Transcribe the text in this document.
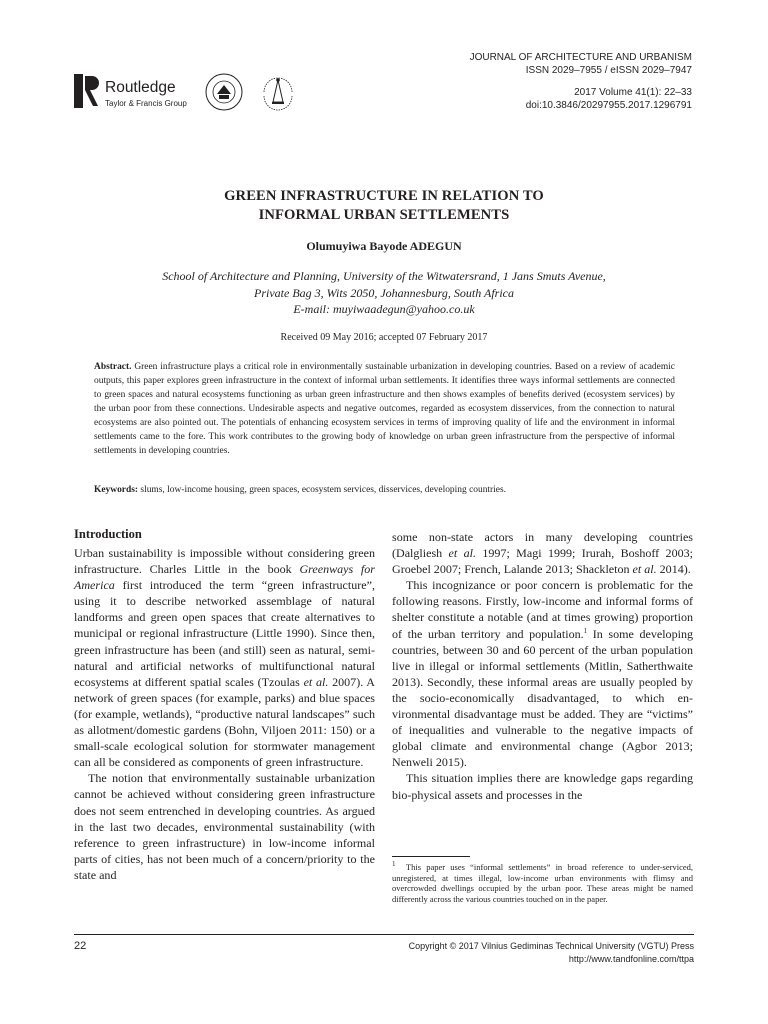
JOURNAL OF ARCHITECTURE AND URBANISM
ISSN 2029–7955 / eISSN 2029–7947
2017 Volume 41(1): 22–33
doi:10.3846/20297955.2017.1296791
Routledge
Taylor & Francis Group
GREEN INFRASTRUCTURE IN RELATION TO
INFORMAL URBAN SETTLEMENTS
Olumuyiwa Bayode ADEGUN
School of Architecture and Planning, University of the Witwatersrand, 1 Jans Smuts Avenue,
Private Bag 3, Wits 2050, Johannesburg, South Africa
E-mail: muyiwaadegun@yahoo.co.uk
Received 09 May 2016; accepted 07 February 2017
Abstract. Green infrastructure plays a critical role in environmentally sustainable urbanization in developing countries. Based on a review of academic outputs, this paper explores green infrastructure in the context of informal urban settlements. It identifies three ways informal settlements are connected to green spaces and natural ecosystems functioning as urban green infrastructure and then shows examples of benefits derived (ecosystem services) by the urban poor from these connections. Undesirable aspects and negative outcomes, regarded as ecosystem disservices, from the connection to natural ecosystems are also pointed out. The potentials of enhancing ecosystem services in terms of improving quality of life and the environment in informal settlements came to the fore. This work contributes to the growing body of knowledge on urban green infrastructure from the perspective of informal settlements in developing countries.
Keywords: slums, low-income housing, green spaces, ecosystem services, disservices, developing countries.
Introduction

Urban sustainability is impossible without considering green infrastructure. Charles Little in the book Greenways for America first introduced the term “green infrastructure”, using it to describe networked assemblage of natural landforms and green open spaces that create alternatives to municipal or regional infrastructure (Little 1990). Since then, green infrastructure has been (and still) seen as natural, semi-natural and artificial networks of multifunctional natural ecosystems at different spatial scales (Tzoulas et al. 2007). A network of green spaces (for example, parks) and blue spaces (for example, wetlands), “productive natural landscapes” such as allotment/domestic gardens (Bohn, Viljoen 2011: 150) or a small-scale ecological solution for stormwater management can all be considered as components of green infrastructure.

The notion that environmentally sustainable urbanization cannot be achieved without considering green infrastructure does not seem entrenched in developing countries. As argued in the last two decades, environmental sustainability (with reference to green infrastructure) in low-income informal parts of cities, has not been much of a concern/priority to the state and

some non-state actors in many developing countries (Dalgliesh et al. 1997; Magi 1999; Irurah, Boshoff 2003; Groebel 2007; French, Lalande 2013; Shackleton et al. 2014).

This incognizance or poor concern is problematic for the following reasons. Firstly, low-income and informal forms of shelter constitute a notable (and at times growing) proportion of the urban territory and population.$^1$ In some developing countries, between 30 and 60 percent of the urban population live in illegal or informal settlements (Mitlin, Satherthwaite 2013). Secondly, these informal areas are usually peopled by the socio-economically disadvantaged, to which environmental disadvantage must be added. They are “victims” of inequalities and vulnerable to the negative impacts of global climate and environmental change (Agbor 2013; Nenweli 2015).

This situation implies there are knowledge gaps regarding bio-physical assets and processes in the

$^1$ This paper uses “informal settlements” in broad reference to under-serviced, unregistered, at times illegal, low-income urban environments with flimsy and overcrowded dwellings occupied by the urban poor. These areas might be named differently across the various countries touched on in the paper.
22	Copyright © 2017 Vilnius Gediminas Technical University (VGTU) Press
http://www.tandfonline.com/ttpa
